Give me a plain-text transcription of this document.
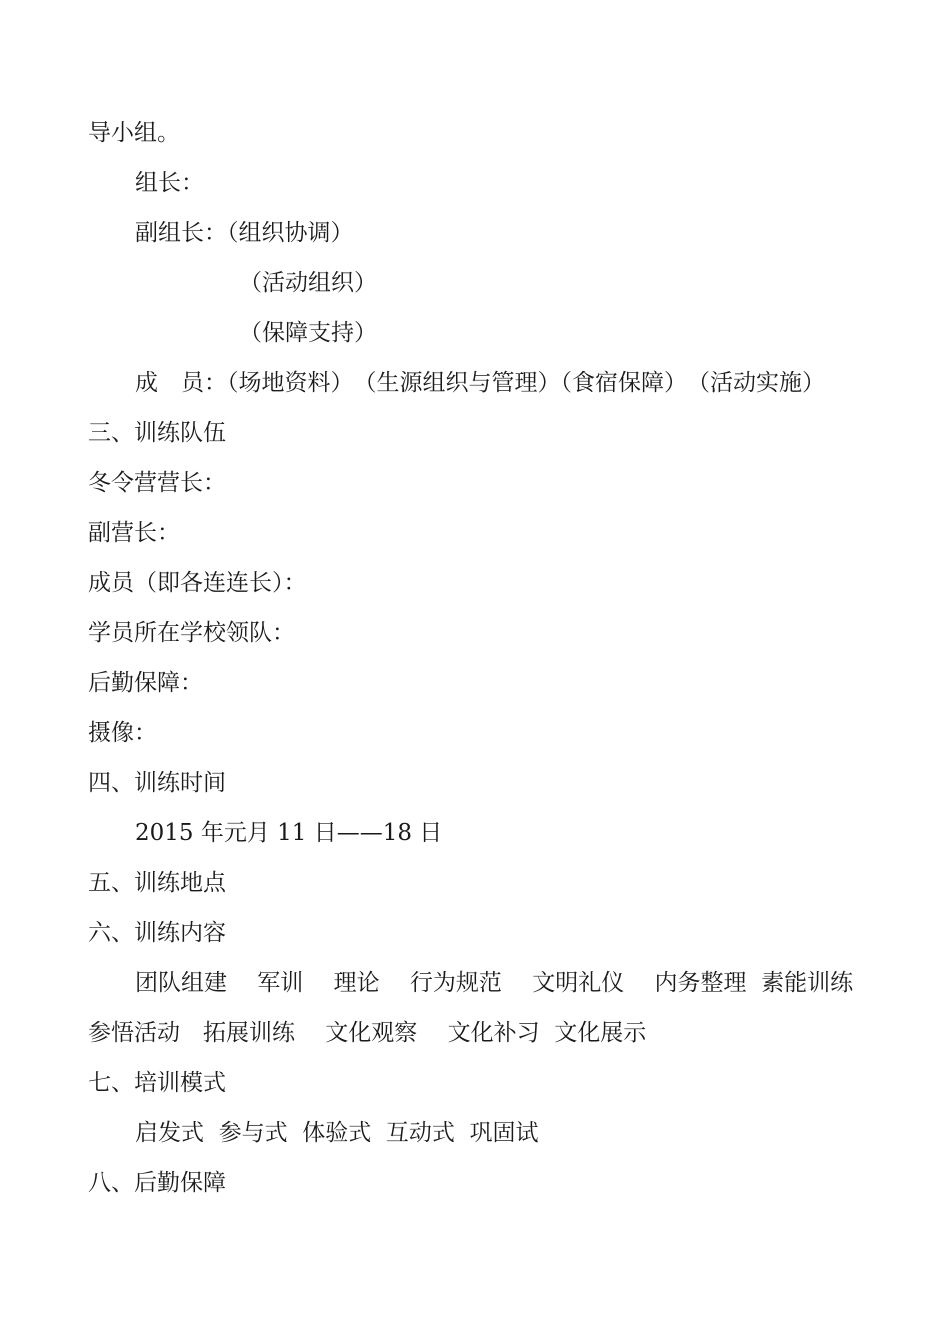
导小组。
组长：
副组长：（组织协调）
（活动组织）
（保障支持）
成　员：（场地资料）　（生源组织与管理）（食宿保障）　（活动实施）
三、训练队伍
冬令营营长：
副营长：
成员（即各连连长）：
学员所在学校领队：
后勤保障：
摄像：
四、训练时间
2015 年元月 11 日——18 日
五、训练地点
六、训练内容
团队组建　 军训　 理论　 行为规范　 文明礼仪　 内务整理  素能训练
参悟活动　拓展训练　 文化观察　 文化补习  文化展示
七、培训模式
启发式  参与式  体验式  互动式  巩固试
八、后勤保障
